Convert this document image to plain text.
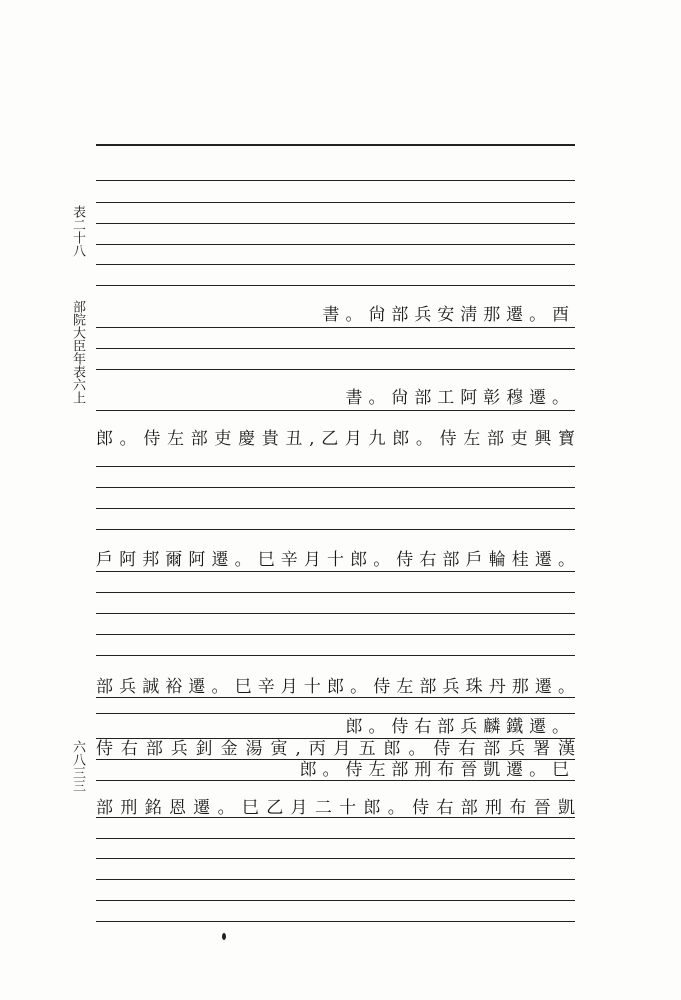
表二十八
部院大臣年表六上
六八三三
書。尙部兵安淸那遷。酉
書。尙部工阿彰穆遷。
郎。侍左部吏慶貴丑,乙月九郎。侍左部吏興寶
戶阿邦爾阿遷。巳辛月十郎。侍右部戶輪桂遷。
部兵誠裕遷。巳辛月十郎。侍左部兵珠丹那遷。
郎。侍右部兵麟鐵遷。
侍右部兵釗金湯寅,丙月五郎。侍右部兵署漢
郎。侍左部刑布晉凱遷。巳
部刑銘恩遷。巳乙月二十郎。侍右部刑布晉凱
